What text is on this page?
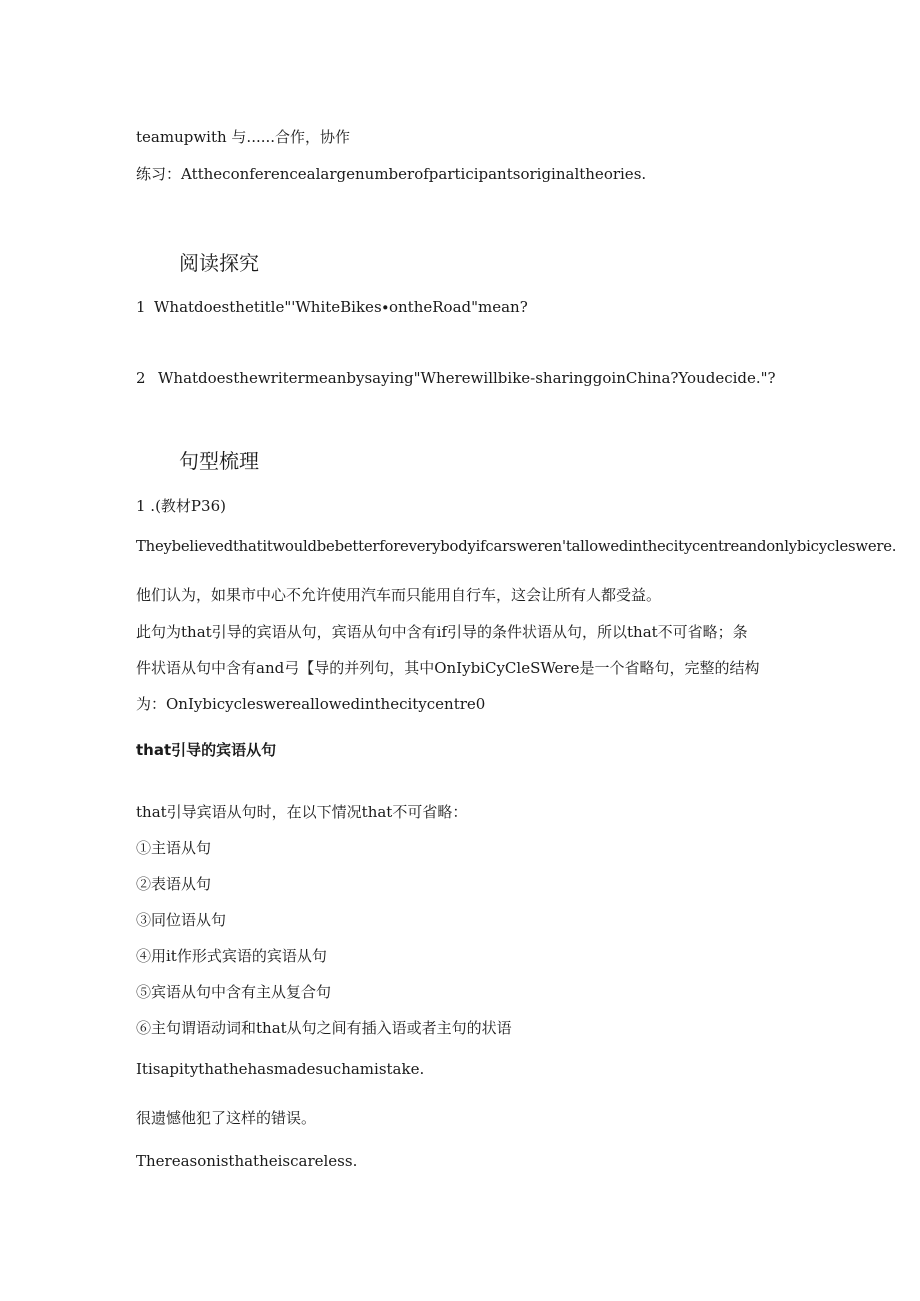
teamupwith 与......合作，协作
练习：Attheconferencealargenumberofparticipantsoriginaltheories.
阅读探究
1 Whatdoesthetitle"'WhiteBikes∙ontheRoad"mean?
2 Whatdoesthewritermeanbysaying"Wherewillbike-sharinggoinChina?Youdecide."?
句型梳理
1 .(教材P36)
Theybelievedthatitwouldbebetterforeverybodyifcarsweren'tallowedinthecitycentreandonlybicycleswere.
他们认为，如果市中心不允许使用汽车而只能用自行车，这会让所有人都受益。
此句为that引导的宾语从句，宾语从句中含有if引导的条件状语从句，所以that不可省略；条
件状语从句中含有and弓【导的并列句，其中OnIybiCyCleSWere是一个省略句，完整的结构
为：OnIybicycleswereallowedinthecitycentre0
that引导的宾语从句
that引导宾语从句时，在以下情况that不可省略：
①主语从句
②表语从句
③同位语从句
④用it作形式宾语的宾语从句
⑤宾语从句中含有主从复合句
⑥主句谓语动词和that从句之间有插入语或者主句的状语
Itisapitythathehasmadesuchamistake.
很遗憾他犯了这样的错误。
Thereasonisthatheiscareless.
